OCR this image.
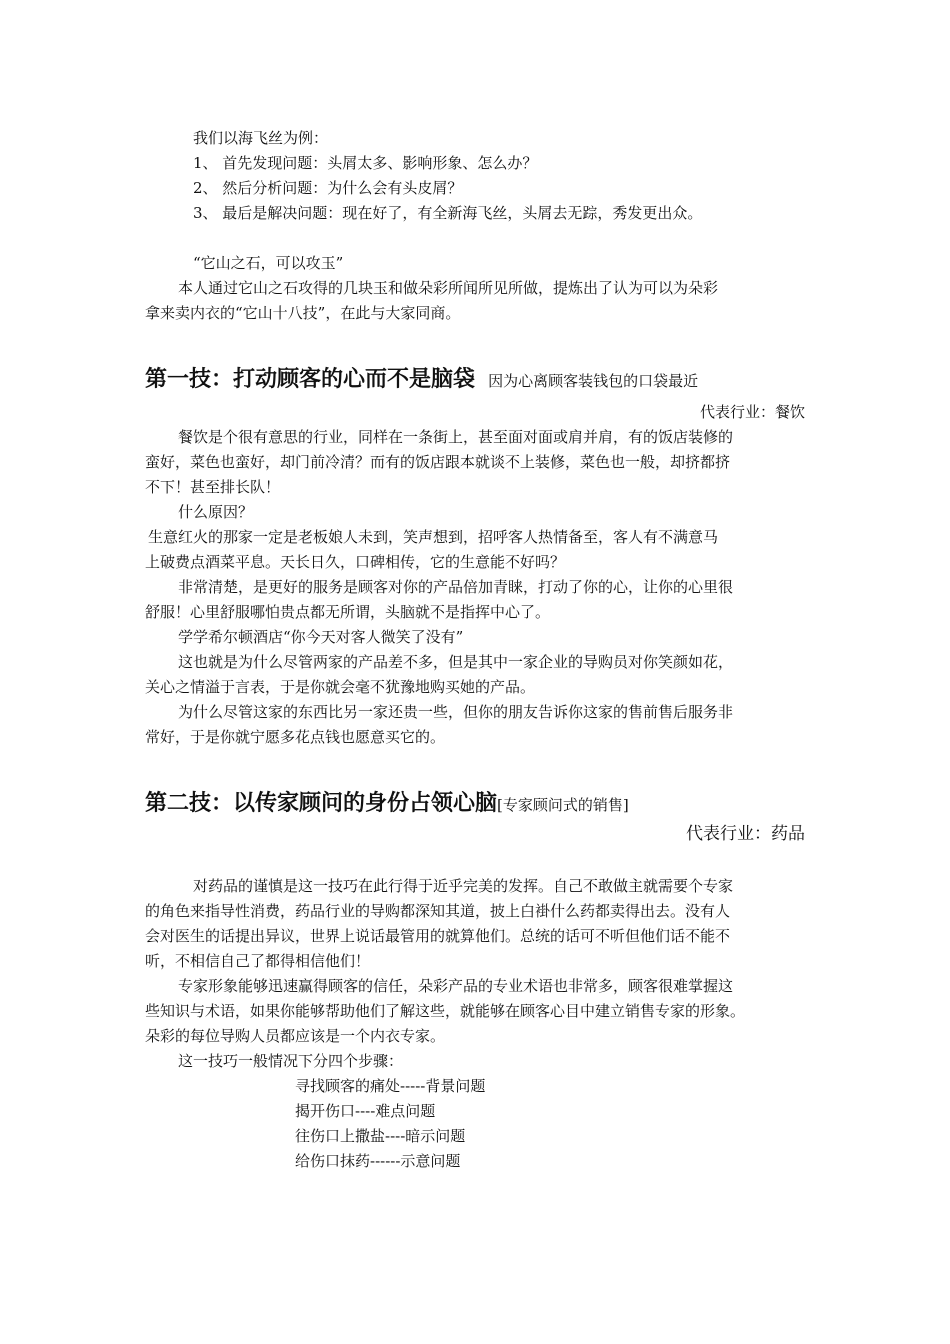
我们以海飞丝为例：
1、 首先发现问题：头屑太多、影响形象、怎么办？
2、 然后分析问题：为什么会有头皮屑？
3、 最后是解决问题：现在好了，有全新海飞丝，头屑去无踪，秀发更出众。
“它山之石，可以攻玉”
本人通过它山之石攻得的几块玉和做朵彩所闻所见所做，提炼出了认为可以为朵彩
拿来卖内衣的“它山十八技”，在此与大家同商。
第一技：打动顾客的心而不是脑袋 因为心离顾客装钱包的口袋最近
代表行业：餐饮
餐饮是个很有意思的行业，同样在一条街上，甚至面对面或肩并肩，有的饭店装修的
蛮好，菜色也蛮好，却门前冷清？而有的饭店跟本就谈不上装修，菜色也一般，却挤都挤
不下！甚至排长队！
什么原因？
生意红火的那家一定是老板娘人未到，笑声想到，招呼客人热情备至，客人有不满意马
上破费点酒菜平息。天长日久，口碑相传，它的生意能不好吗？
非常清楚，是更好的服务是顾客对你的产品倍加青睐，打动了你的心，让你的心里很
舒服！心里舒服哪怕贵点都无所谓，头脑就不是指挥中心了。
学学希尔顿酒店“你今天对客人微笑了没有”
这也就是为什么尽管两家的产品差不多，但是其中一家企业的导购员对你笑颜如花，
关心之情溢于言表，于是你就会毫不犹豫地购买她的产品。
为什么尽管这家的东西比另一家还贵一些，但你的朋友告诉你这家的售前售后服务非
常好，于是你就宁愿多花点钱也愿意买它的。
第二技：以传家顾问的身份占领心脑[专家顾问式的销售]
代表行业：药品
对药品的谨慎是这一技巧在此行得于近乎完美的发挥。自己不敢做主就需要个专家
的角色来指导性消费，药品行业的导购都深知其道，披上白褂什么药都卖得出去。没有人
会对医生的话提出异议，世界上说话最管用的就算他们。总统的话可不听但他们话不能不
听，不相信自己了都得相信他们！
专家形象能够迅速赢得顾客的信任，朵彩产品的专业术语也非常多，顾客很难掌握这
些知识与术语，如果你能够帮助他们了解这些，就能够在顾客心目中建立销售专家的形象。
朵彩的每位导购人员都应该是一个内衣专家。
这一技巧一般情况下分四个步骤：
寻找顾客的痛处-----背景问题
揭开伤口----难点问题
往伤口上撒盐----暗示问题
给伤口抹药------示意问题
